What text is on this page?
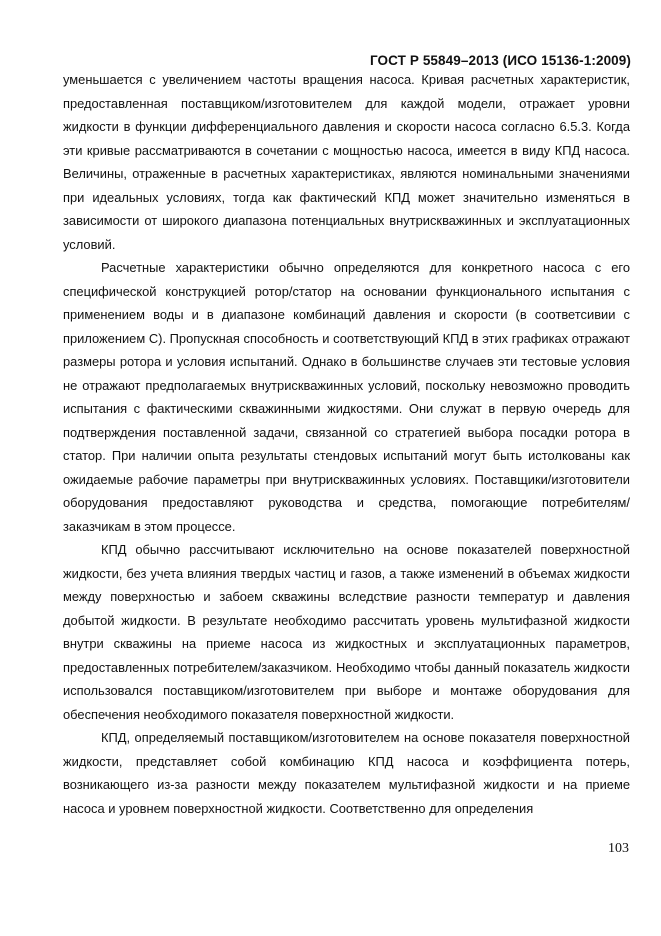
ГОСТ Р 55849–2013 (ИСО 15136-1:2009)

уменьшается с увеличением частоты вращения насоса. Кривая расчетных характеристик, предоставленная поставщиком/изготовителем для каждой модели, отражает уровни жидкости в функции дифференциального давления и скорости насоса согласно 6.5.3. Когда эти кривые рассматриваются в сочетании с мощностью насоса, имеется в виду КПД насоса. Величины, отраженные в расчетных характеристиках, являются номинальными значениями при идеальных условиях, тогда как фактический КПД может значительно изменяться в зависимости от широкого диапазона потенциальных внутрискважинных и эксплуатационных условий.

Расчетные характеристики обычно определяются для конкретного насоса с его специфической конструкцией ротор/статор на основании функционального испытания с применением воды и в диапазоне комбинаций давления и скорости (в соответсивии с приложением С). Пропускная способность и соответствующий КПД в этих графиках отражают размеры ротора и условия испытаний. Однако в большинстве случаев эти тестовые условия не отражают предполагаемых внутрискважинных условий, поскольку невозможно проводить испытания с фактическими скважинными жидкостями. Они служат в первую очередь для подтверждения поставленной задачи, связанной со стратегией выбора посадки ротора в статор. При наличии опыта результаты стендовых испытаний могут быть истолкованы как ожидаемые рабочие параметры при внутрискважинных условиях. Поставщики/изготовители оборудования предоставляют руководства и средства, помогающие потребителям/заказчикам в этом процессе.

КПД обычно рассчитывают исключительно на основе показателей поверхностной жидкости, без учета влияния твердых частиц и газов, а также изменений в объемах жидкости между поверхностью и забоем скважины вследствие разности температур и давления добытой жидкости. В результате необходимо рассчитать уровень мультифазной жидкости внутри скважины на приеме насоса из жидкостных и эксплуатационных параметров, предоставленных потребителем/заказчиком. Необходимо чтобы данный показатель жидкости использовался поставщиком/изготовителем при выборе и монтаже оборудования для обеспечения необходимого показателя поверхностной жидкости.

КПД, определяемый поставщиком/изготовителем на основе показателя поверхностной жидкости, представляет собой комбинацию КПД насоса и коэффициента потерь, возникающего из-за разности между показателем мультифазной жидкости и на приеме насоса и уровнем поверхностной жидкости. Соответственно для определения

103
